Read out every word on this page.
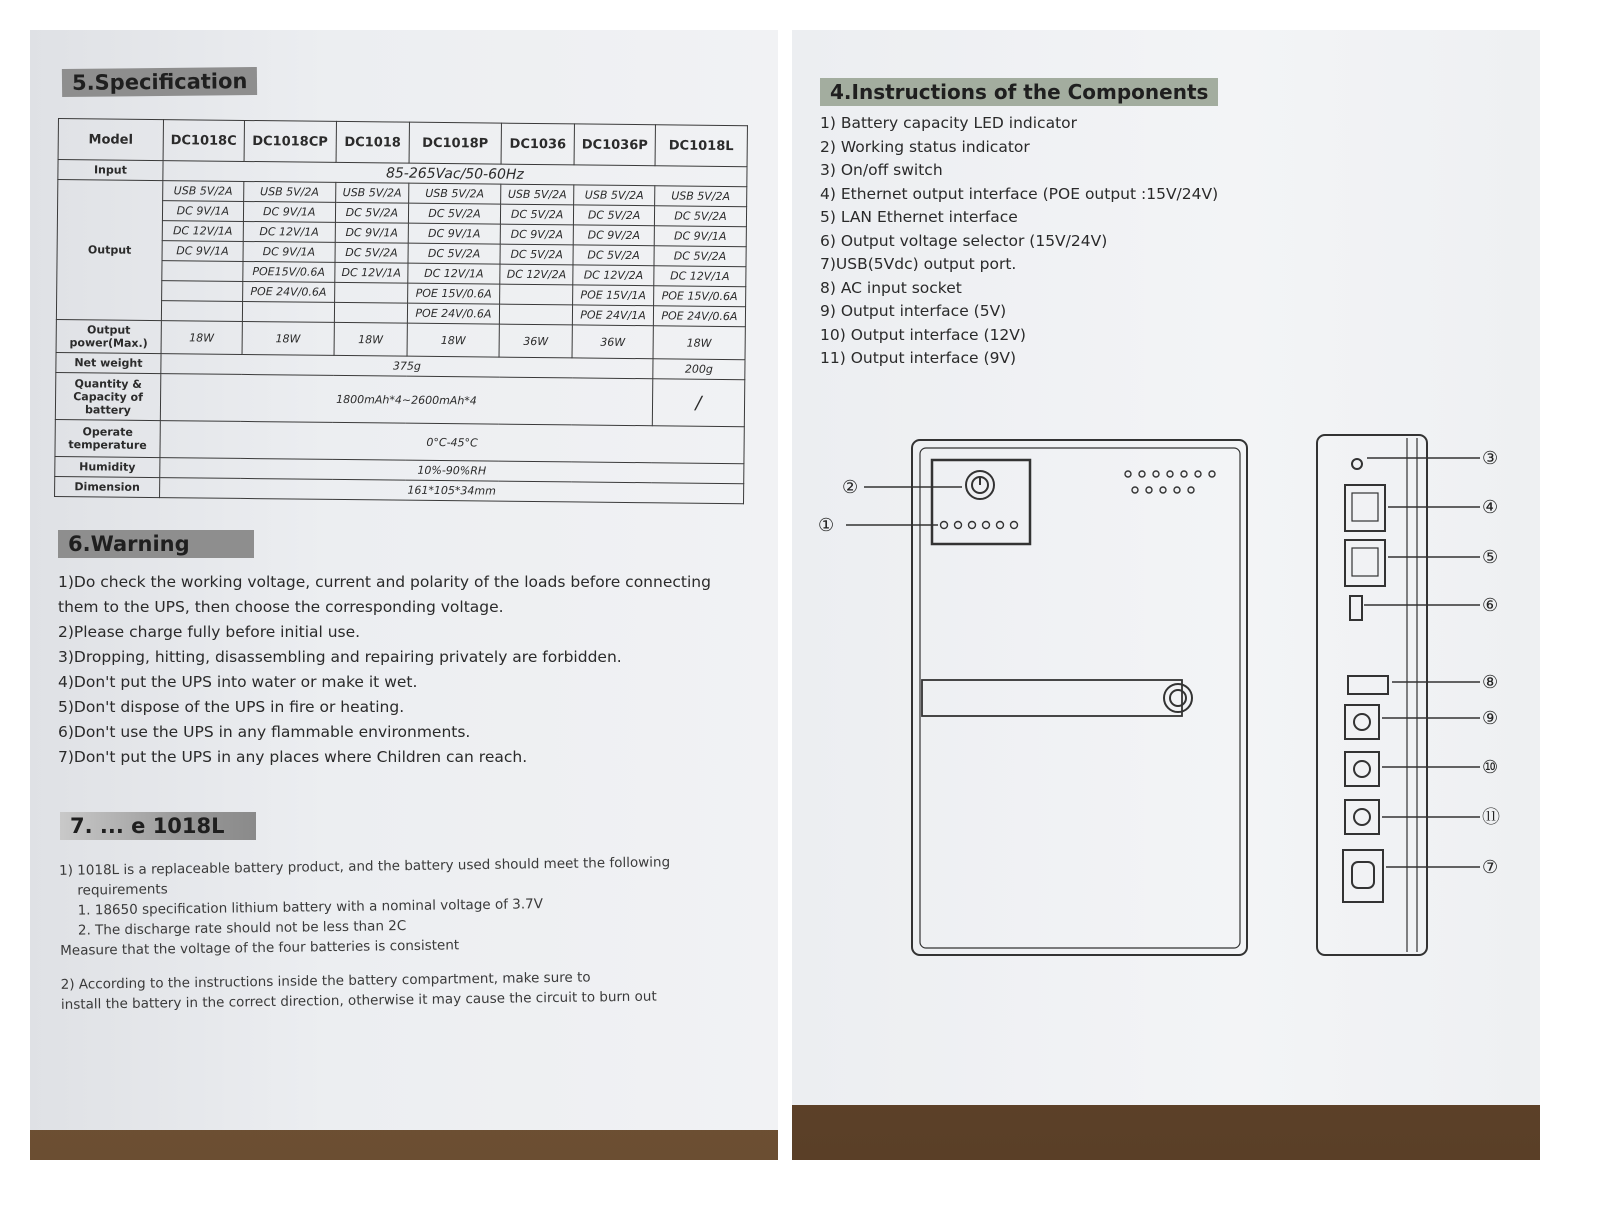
5.Specification
Model	DC1018C	DC1018CP	DC1018	DC1018P	DC1036	DC1036P	DC1018L
Input	85-265Vac/50-60Hz						
Output	USB 5V/2A	USB 5V/2A	USB 5V/2A	USB 5V/2A	USB 5V/2A	USB 5V/2A	USB 5V/2A
	DC 9V/1A	DC 9V/1A	DC 5V/2A	DC 5V/2A	DC 5V/2A	DC 5V/2A	DC 5V/2A
	DC 12V/1A	DC 12V/1A	DC 9V/1A	DC 9V/1A	DC 9V/2A	DC 9V/2A	DC 9V/1A
	DC 9V/1A	DC 9V/1A	DC 5V/2A	DC 5V/2A	DC 5V/2A	DC 5V/2A	DC 5V/2A
		POE15V/0.6A	DC 12V/1A	DC 12V/1A	DC 12V/2A	DC 12V/2A	DC 12V/1A
		POE 24V/0.6A		POE 15V/0.6A		POE 15V/1A	POE 15V/0.6A
				POE 24V/0.6A		POE 24V/1A	POE 24V/0.6A
Output power(Max.)	18W	18W	18W	18W	36W	36W	18W
Net weight	375g						200g
Quantity & Capacity of battery	1800mAh*4~2600mAh*4						/
Operate temperature	0°C-45°C						
Humidity	10%-90%RH						
Dimension	161*105*34mm						
6.Warning
1)Do check the working voltage, current and polarity of the loads before connecting
them to the UPS, then choose the corresponding voltage.
2)Please charge fully before initial use.
3)Dropping, hitting, disassembling and repairing privately are forbidden.
4)Don't put the UPS into water or make it wet.
5)Don't dispose of the UPS in fire or heating.
6)Don't use the UPS in any flammable environments.
7)Don't put the UPS in any places where Children can reach.
7. ... e 1018L
1) 1018L is a replaceable battery product, and the battery used should meet the following
requirements
1. 18650 specification lithium battery with a nominal voltage of 3.7V
2. The discharge rate should not be less than 2C
Measure that the voltage of the four batteries is consistent
2) According to the instructions inside the battery compartment, make sure to
install the battery in the correct direction, otherwise it may cause the circuit to burn out
4.Instructions of the Components
1) Battery capacity LED indicator
2) Working status indicator
3) On/off switch
4) Ethernet output interface (POE output :15V/24V)
5) LAN Ethernet interface
6) Output voltage selector (15V/24V)
7)USB(5Vdc) output port.
8) AC input socket
9) Output interface (5V)
10) Output interface (12V)
11) Output interface (9V)
②
①
③
④
⑤
⑥
⑧
⑨
⑩
⑪
⑦
